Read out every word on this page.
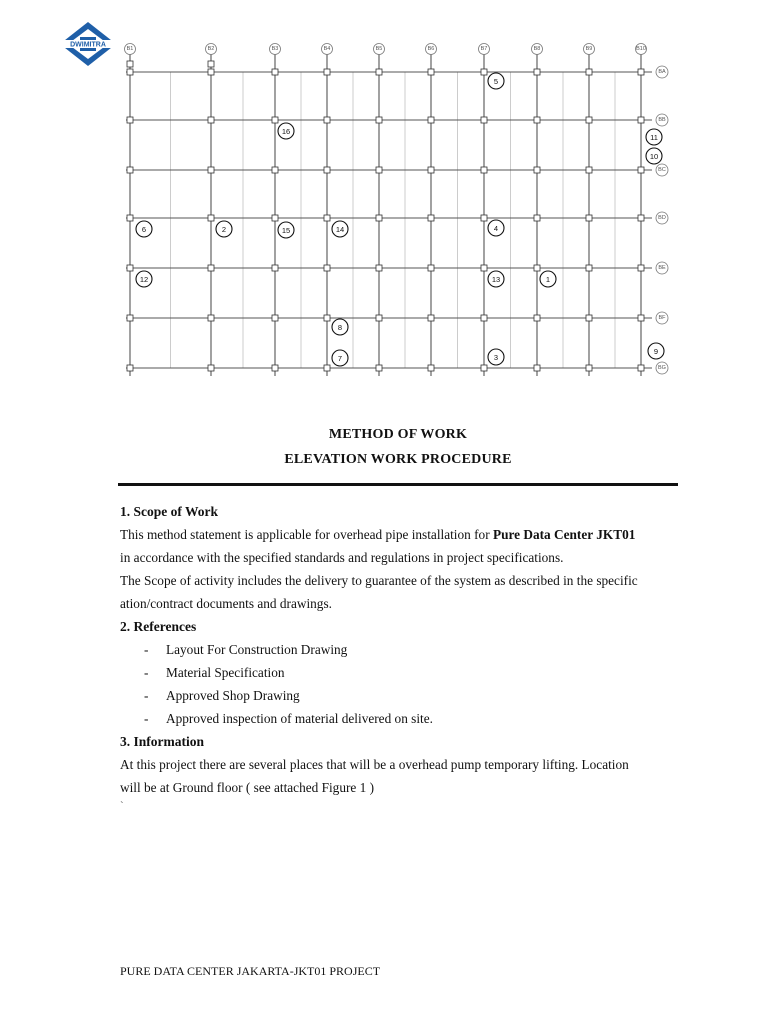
DWIMITRA
B1	B2	B3	B4	B5	B6	B7	B8	B9	B10
BA
BB
BC
BD
BE
BF
BG
1
2
3
4
5
6
7
8
9
10
11
12	13
14
15
16
METHOD OF WORK
ELEVATION WORK PROCEDURE
1. Scope of Work

This method statement is applicable for overhead pipe installation for Pure Data Center JKT01

in accordance with the specified standards and regulations in project specifications.

The Scope of activity includes the delivery to guarantee of the system as described in the specific

ation/contract documents and drawings.

2. References
- Layout For Construction Drawing
- Material Specification
- Approved Shop Drawing
- Approved inspection of material delivered on site.
3. Information

At this project there are several places that will be a overhead pump temporary lifting. Location

will be at Ground floor ( see attached Figure 1 )

`
PURE DATA CENTER JAKARTA-JKT01 PROJECT
